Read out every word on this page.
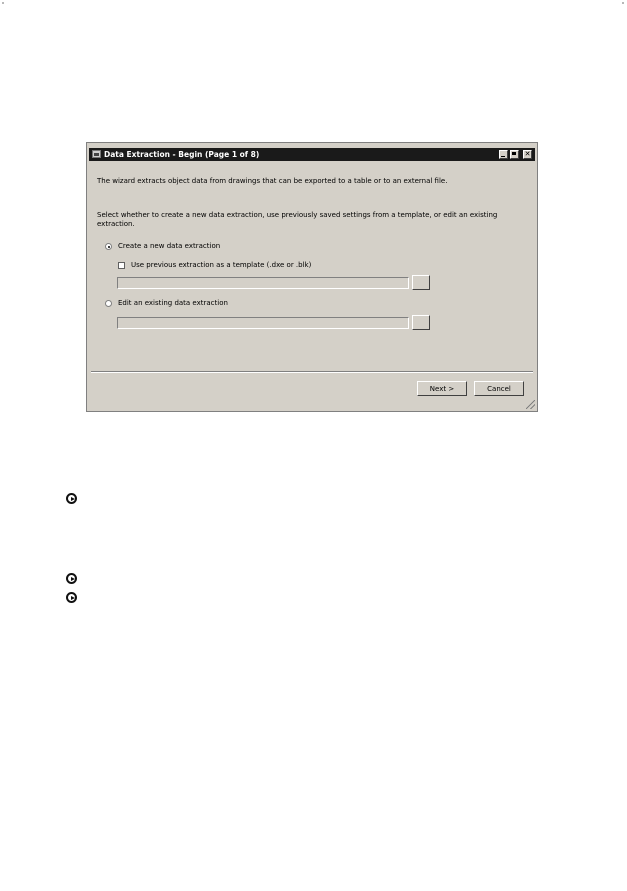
Data Extraction - Begin (Page 1 of 8)	✕
The wizard extracts object data from drawings that can be exported to a table or to an external file.
Select whether to create a new data extraction, use previously saved settings from a template, or edit an existing extraction.
Create a new data extraction
Use previous extraction as a template (.dxe or .blk)
Edit an existing data extraction
Next >	Cancel
